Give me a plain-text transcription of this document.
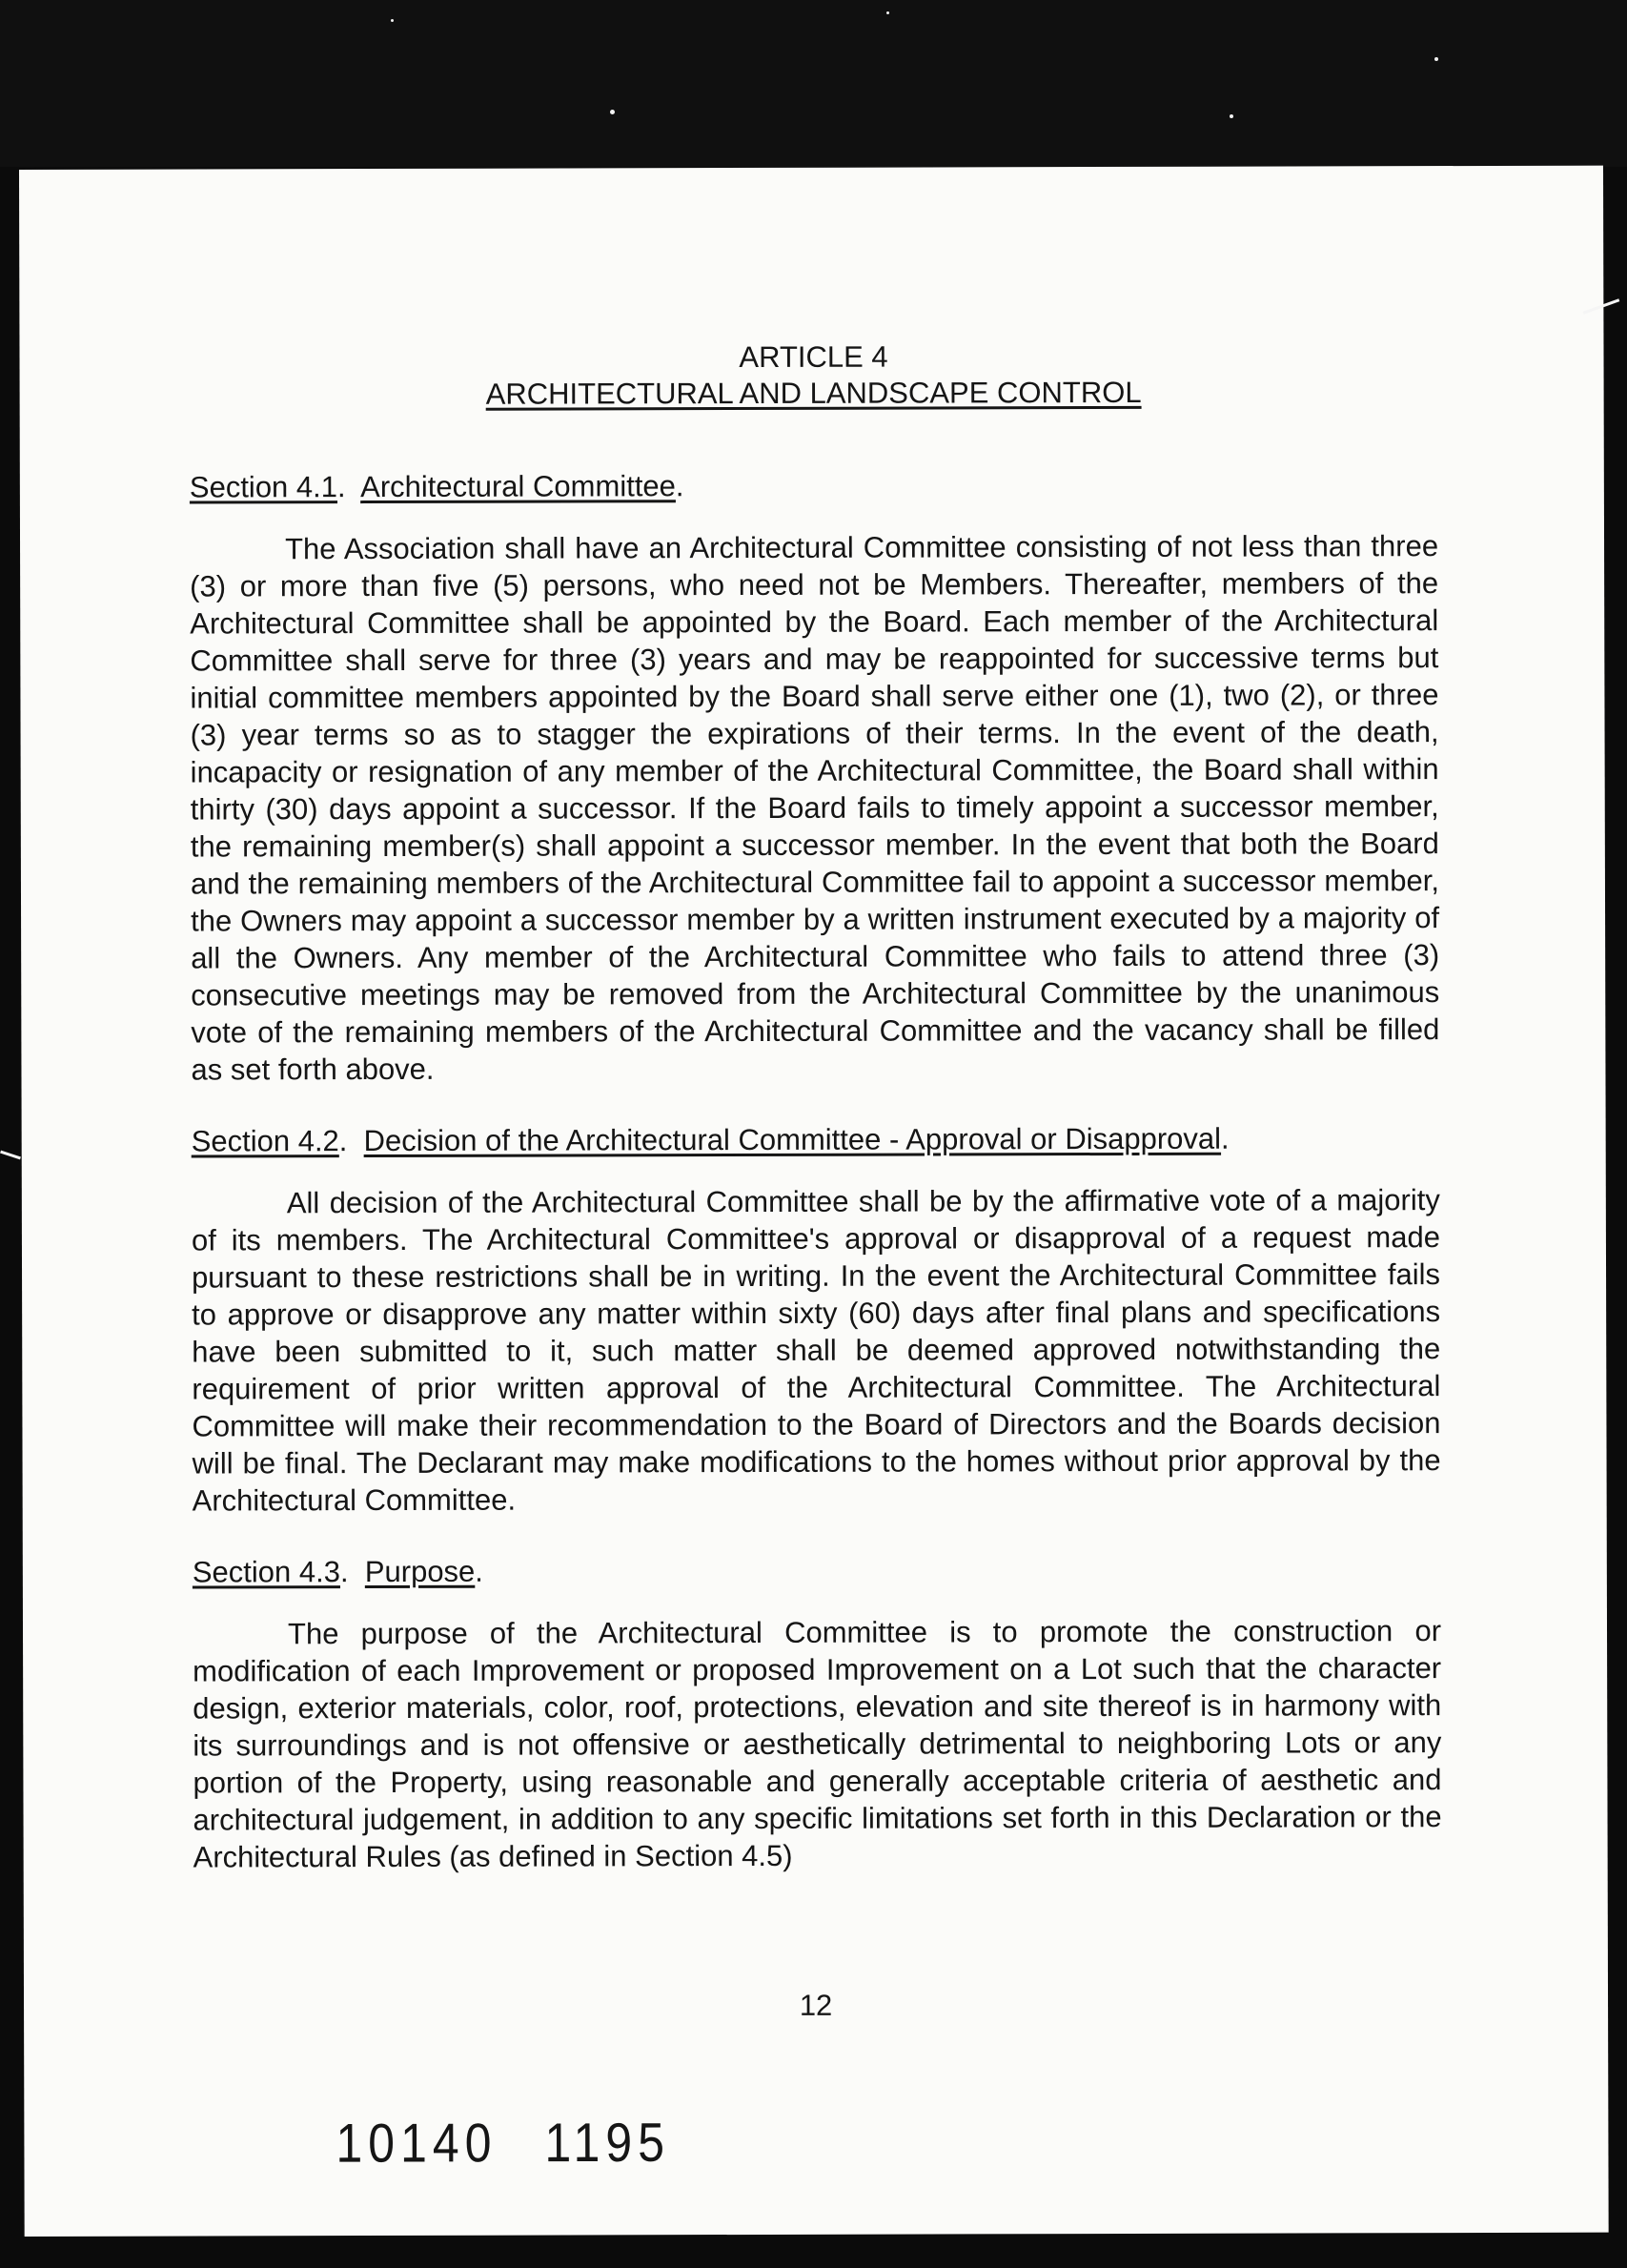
ARTICLE 4

ARCHITECTURAL AND LANDSCAPE CONTROL

Section 4.1.  Architectural Committee.

The Association shall have an Architectural Committee consisting of not less than three (3) or more than five (5) persons, who need not be Members. Thereafter, members of the Architectural Committee shall be appointed by the Board. Each member of the Architectural Committee shall serve for three (3) years and may be reappointed for successive terms but initial committee members appointed by the Board shall serve either one (1), two (2), or three (3) year terms so as to stagger the expirations of their terms. In the event of the death, incapacity or resignation of any member of the Architectural Committee, the Board shall within thirty (30) days appoint a successor. If the Board fails to timely appoint a successor member, the remaining member(s) shall appoint a successor member. In the event that both the Board and the remaining members of the Architectural Committee fail to appoint a successor member, the Owners may appoint a successor member by a written instrument executed by a majority of all the Owners. Any member of the Architectural Committee who fails to attend three (3) consecutive meetings may be removed from the Architectural Committee by the unanimous vote of the remaining members of the Architectural Committee and the vacancy shall be filled as set forth above.

Section 4.2.  Decision of the Architectural Committee - Approval or Disapproval.

All decision of the Architectural Committee shall be by the affirmative vote of a majority of its members. The Architectural Committee's approval or disapproval of a request made pursuant to these restrictions shall be in writing. In the event the Architectural Committee fails to approve or disapprove any matter within sixty (60) days after final plans and specifications have been submitted to it, such matter shall be deemed approved notwithstanding the requirement of prior written approval of the Architectural Committee. The Architectural Committee will make their recommendation to the Board of Directors and the Boards decision will be final. The Declarant may make modifications to the homes without prior approval by the Architectural Committee.

Section 4.3.  Purpose.

The purpose of the Architectural Committee is to promote the construction or modification of each Improvement or proposed Improvement on a Lot such that the character design, exterior materials, color, roof, protections, elevation and site thereof is in harmony with its surroundings and is not offensive or aesthetically detrimental to neighboring Lots or any portion of the Property, using reasonable and generally acceptable criteria of aesthetic and architectural judgement, in addition to any specific limitations set forth in this Declaration or the Architectural Rules (as defined in Section 4.5)

12
10140 1195
